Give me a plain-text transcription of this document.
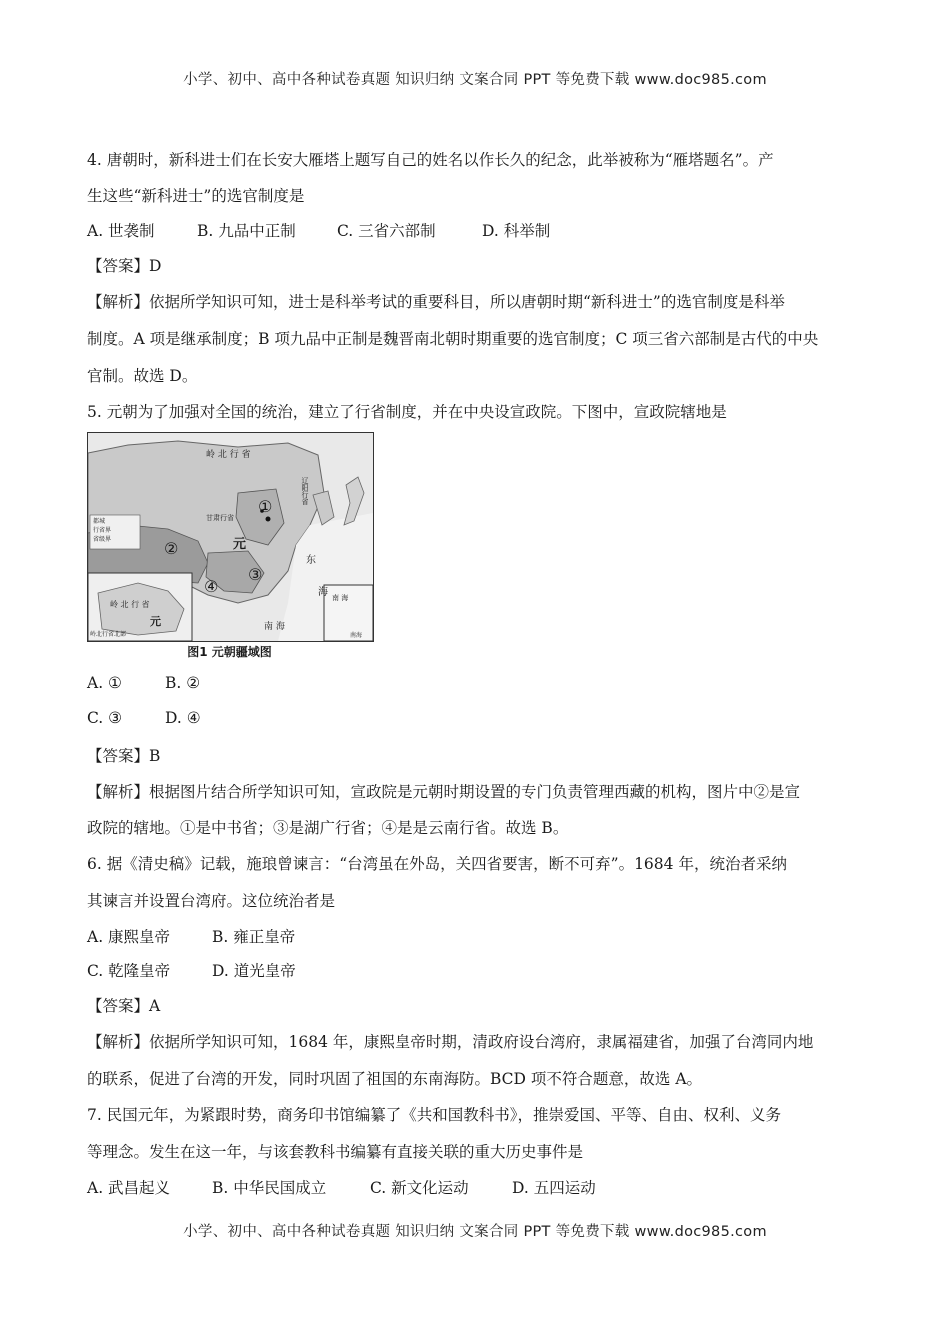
小学、初中、高中各种试卷真题 知识归纳 文案合同 PPT 等免费下载 www.doc985.com
4. 唐朝时，新科进士们在长安大雁塔上题写自己的姓名以作长久的纪念，此举被称为“雁塔题名”。产
生这些“新科进士”的选官制度是
A. 世袭制	B. 九品中正制	C. 三省六部制	D. 科举制
【答案】D
【解析】依据所学知识可知，进士是科举考试的重要科目，所以唐朝时期“新科进士”的选官制度是科举
制度。A 项是继承制度；B 项九品中正制是魏晋南北朝时期重要的选官制度；C 项三省六部制是古代的中央
官制。故选 D。
5. 元朝为了加强对全国的统治，建立了行省制度，并在中央设宣政院。下图中，宣政院辖地是
岭 北 行 省
辽阳行省
甘肃行省
元
东
海
南 海
都城
行省界
省级界
岭 北 行 省
元
岭北行省北部	南海
南 海
①
②
③
④
图1 元朝疆域图
A. ①	B. ②
C. ③	D. ④
【答案】B
【解析】根据图片结合所学知识可知，宣政院是元朝时期设置的专门负责管理西藏的机构，图片中②是宣
政院的辖地。①是中书省；③是湖广行省；④是是云南行省。故选 B。
6. 据《清史稿》记载，施琅曾谏言：“台湾虽在外岛，关四省要害，断不可弃”。1684 年，统治者采纳
其谏言并设置台湾府。这位统治者是
A. 康熙皇帝	B. 雍正皇帝
C. 乾隆皇帝	D. 道光皇帝
【答案】A
【解析】依据所学知识可知，1684 年，康熙皇帝时期，清政府设台湾府，隶属福建省，加强了台湾同内地
的联系，促进了台湾的开发，同时巩固了祖国的东南海防。BCD 项不符合题意，故选 A。
7. 民国元年，为紧跟时势，商务印书馆编纂了《共和国教科书》，推崇爱国、平等、自由、权利、义务
等理念。发生在这一年，与该套教科书编纂有直接关联的重大历史事件是
A. 武昌起义	B. 中华民国成立	C. 新文化运动	D. 五四运动
小学、初中、高中各种试卷真题 知识归纳 文案合同 PPT 等免费下载 www.doc985.com
